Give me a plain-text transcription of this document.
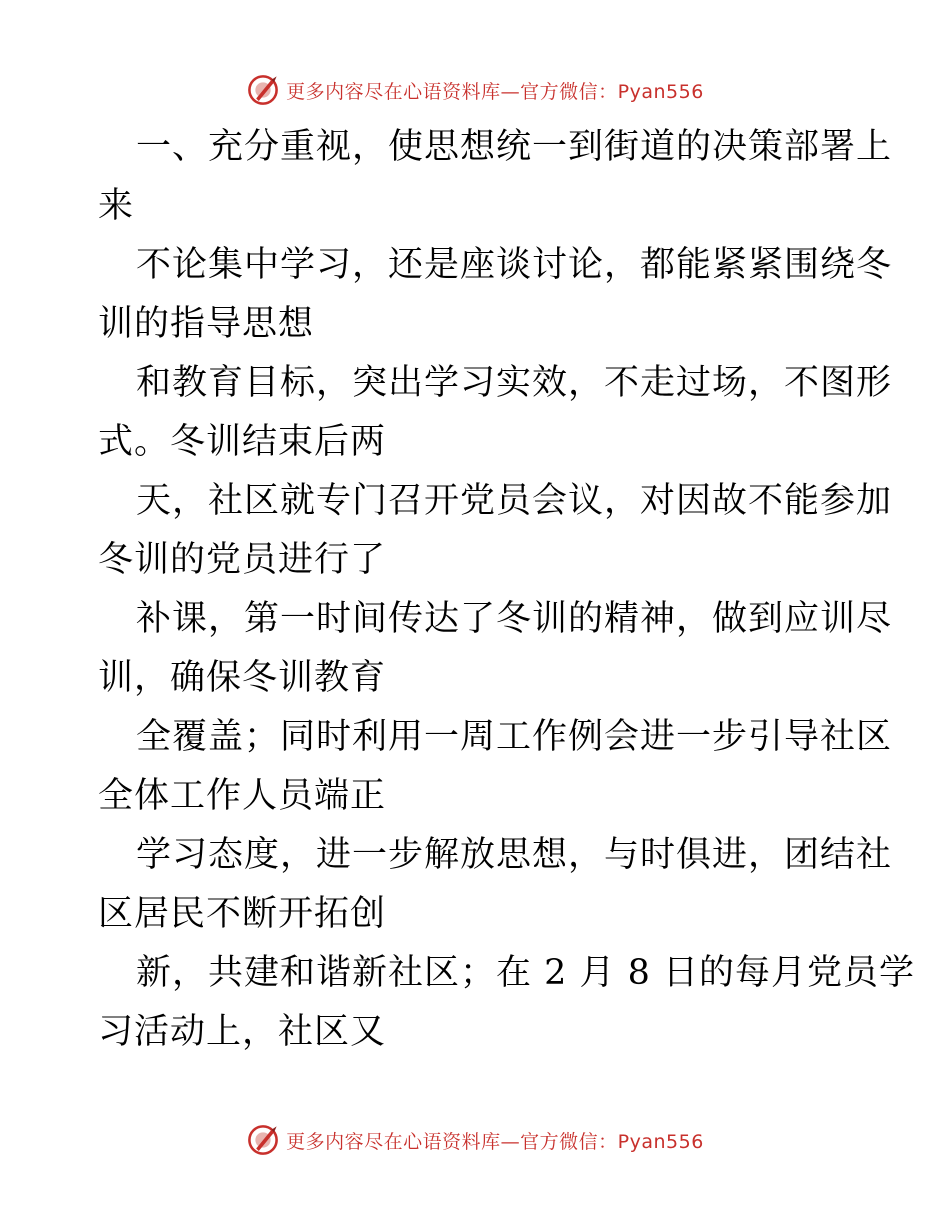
更多内容尽在心语资料库—官方微信：Pyan556
一、充分重视，使思想统一到街道的决策部署上
来
不论集中学习，还是座谈讨论，都能紧紧围绕冬
训的指导思想
和教育目标，突出学习实效，不走过场，不图形
式。冬训结束后两
天，社区就专门召开党员会议，对因故不能参加
冬训的党员进行了
补课，第一时间传达了冬训的精神，做到应训尽
训，确保冬训教育
全覆盖；同时利用一周工作例会进一步引导社区
全体工作人员端正
学习态度，进一步解放思想，与时俱进，团结社
区居民不断开拓创
新，共建和谐新社区；在 2 月 8 日的每月党员学
习活动上，社区又
更多内容尽在心语资料库—官方微信：Pyan556
